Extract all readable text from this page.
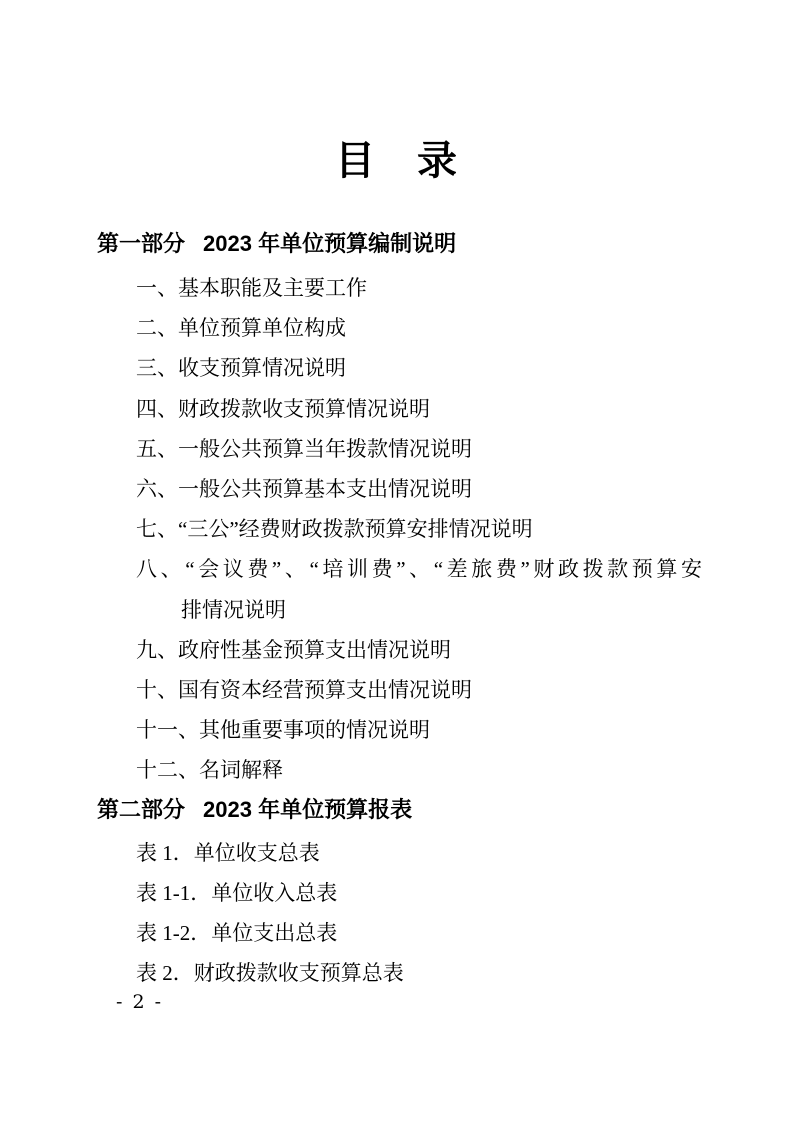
目　录
第一部分 2023 年单位预算编制说明
一、基本职能及主要工作
二、单位预算单位构成
三、收支预算情况说明
四、财政拨款收支预算情况说明
五、一般公共预算当年拨款情况说明
六、一般公共预算基本支出情况说明
七、“三公”经费财政拨款预算安排情况说明
八、“会议费”、“培训费”、“差旅费”财政拨款预算安
排情况说明
九、政府性基金预算支出情况说明
十、国有资本经营预算支出情况说明
十一、其他重要事项的情况说明
十二、名词解释
第二部分 2023 年单位预算报表
表 1．单位收支总表
表 1-1．单位收入总表
表 1-2．单位支出总表
表 2．财政拨款收支预算总表
- 2 -
